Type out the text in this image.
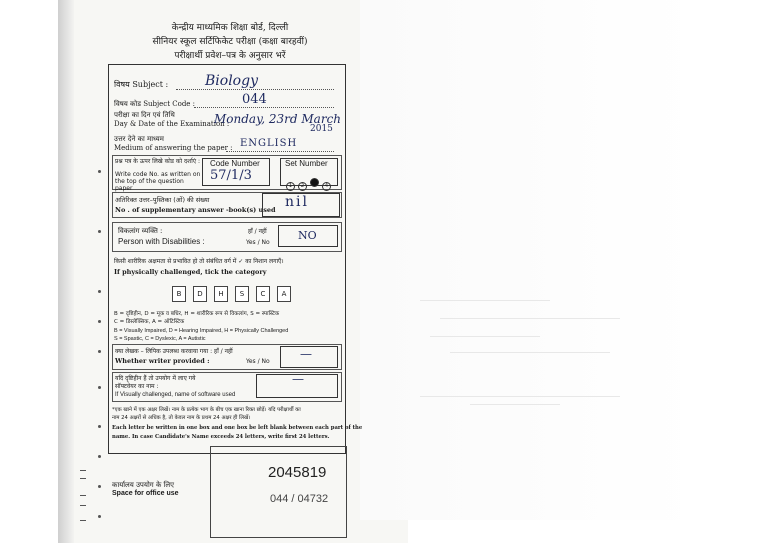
केन्द्रीय माध्यमिक शिक्षा बोर्ड, दिल्ली
सीनियर स्कूल सर्टिफिकेट परीक्षा (कक्षा बारहवीं)
परीक्षार्थी प्रवेश–पत्र के अनुसार भरें
विषय Subject :	Biology
विषय कोड Subject Code :	044
परीक्षा का दिन एवं तिथि
Day & Date of the Examination :
Monday, 23rd March
2015
उत्तर देने का माध्यम
Medium of answering the paper : ENGLISH
प्रश्न पत्र के ऊपर लिखे कोड को दर्शाएं :
Write code No. as written on the top of the question paper
Code Number
57/1/3
Set Number
1 2	4
अतिरिक्त उत्तर–पुस्तिका (ओं) की संख्या
No . of supplementary answer -book(s) used nil
विकलांग व्यक्ति :
Person with Disabilities :
हाँ / नहीं
Yes / No
NO
किसी शारीरिक अक्षमता से प्रभावित हो तो संबंधित वर्ग में ✓ का निशान लगाएँ।
If physically challenged, tick the category
B	D	H	S	C	A
B = दृष्टिहीन, D = मूक व बधिर, H = शारीरिक रूप से विकलांग, S = स्पास्टिक
C = डिस्लेक्सिक, A = ऑटिस्टिक
B = Visually Impaired, D = Hearing Impaired, H = Physically Challenged
S = Spastic, C = Dyslexic, A = Autistic
क्या लेखक – लिपिक उपलब्ध करवाया गया : हाँ / नहीं
Whether writer provided :	Yes / No
—
यदि दृष्टिहीन हैं तो उपयोग में लाए गये
सॉफ्टवेयर का नाम :
If Visually challenged, name of software used
—
*एक खाने में एक अक्षर लिखें। नाम के प्रत्येक भाग के बीच एक खाना रिक्त छोड़ें। यदि परीक्षार्थी का
नाम 24 अक्षरों से अधिक है, तो केवल नाम के प्रथम 24 अक्षर ही लिखें।
Each letter be written in one box and one box be left blank between each part of the
name. In case Candidate's Name exceeds 24 letters, write first 24 letters.
कार्यालय उपयोग के लिए
Space for office use
2045819
044 / 04732
